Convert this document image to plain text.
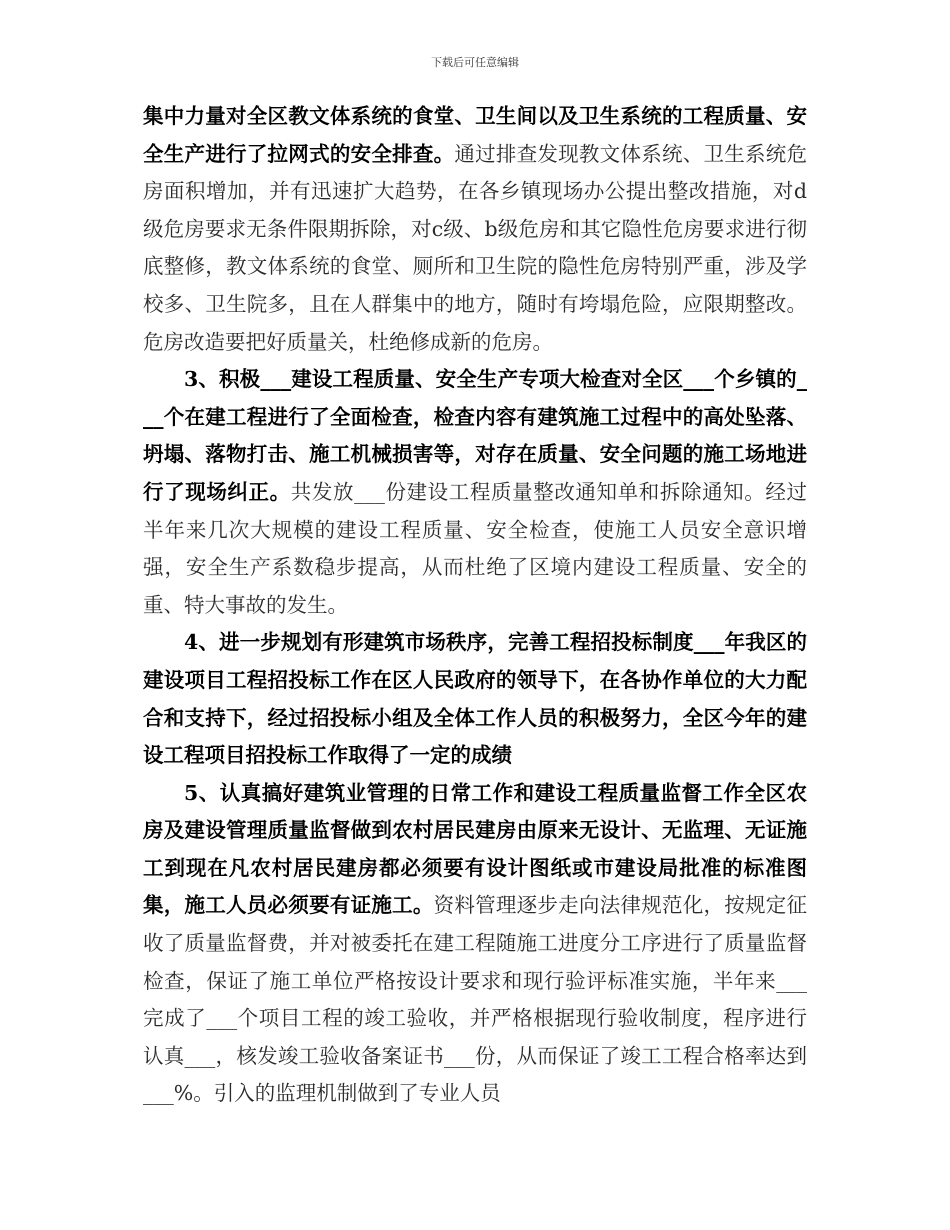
下载后可任意编辑

集中力量对全区教文体系统的食堂、卫生间以及卫生系统的工程质量、安全生产进行了拉网式的安全排查。通过排查发现教文体系统、卫生系统危房面积增加，并有迅速扩大趋势，在各乡镇现场办公提出整改措施，对d级危房要求无条件限期拆除，对c级、b级危房和其它隐性危房要求进行彻底整修，教文体系统的食堂、厕所和卫生院的隐性危房特别严重，涉及学校多、卫生院多，且在人群集中的地方，随时有垮塌危险，应限期整改。危房改造要把好质量关，杜绝修成新的危房。

3、积极___建设工程质量、安全生产专项大检查对全区___个乡镇的___个在建工程进行了全面检查，检查内容有建筑施工过程中的高处坠落、坍塌、落物打击、施工机械损害等，对存在质量、安全问题的施工场地进行了现场纠正。共发放___份建设工程质量整改通知单和拆除通知。经过半年来几次大规模的建设工程质量、安全检查，使施工人员安全意识增强，安全生产系数稳步提高，从而杜绝了区境内建设工程质量、安全的重、特大事故的发生。

4、进一步规划有形建筑市场秩序，完善工程招投标制度___年我区的建设项目工程招投标工作在区人民政府的领导下，在各协作单位的大力配合和支持下，经过招投标小组及全体工作人员的积极努力，全区今年的建设工程项目招投标工作取得了一定的成绩

5、认真搞好建筑业管理的日常工作和建设工程质量监督工作全区农房及建设管理质量监督做到农村居民建房由原来无设计、无监理、无证施工到现在凡农村居民建房都必须要有设计图纸或市建设局批准的标准图集，施工人员必须要有证施工。资料管理逐步走向法律规范化，按规定征收了质量监督费，并对被委托在建工程随施工进度分工序进行了质量监督检查，保证了施工单位严格按设计要求和现行验评标准实施，半年来___完成了___个项目工程的竣工验收，并严格根据现行验收制度，程序进行认真___，核发竣工验收备案证书___份，从而保证了竣工工程合格率达到___%。引入的监理机制做到了专业人员
